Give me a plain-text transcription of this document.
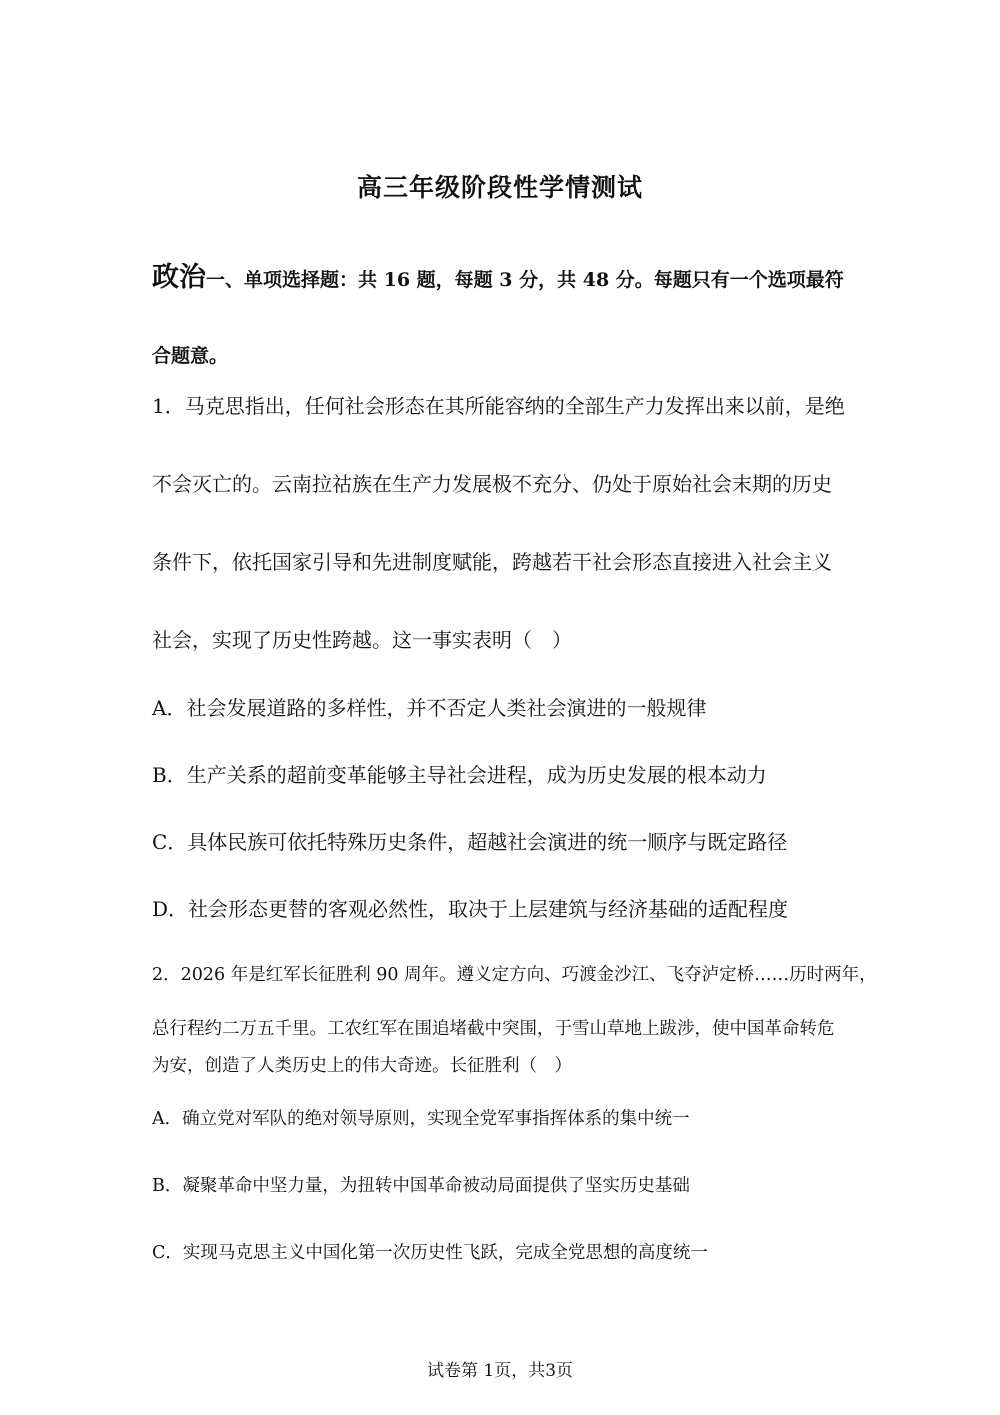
高三年级阶段性学情测试
政治一、单项选择题：共 16 题，每题 3 分，共 48 分。每题只有一个选项最符
合题意。
1．马克思指出，任何社会形态在其所能容纳的全部生产力发挥出来以前，是绝
不会灭亡的。云南拉祜族在生产力发展极不充分、仍处于原始社会末期的历史
条件下，依托国家引导和先进制度赋能，跨越若干社会形态直接进入社会主义
社会，实现了历史性跨越。这一事实表明（　）
A．社会发展道路的多样性，并不否定人类社会演进的一般规律
B．生产关系的超前变革能够主导社会进程，成为历史发展的根本动力
C．具体民族可依托特殊历史条件，超越社会演进的统一顺序与既定路径
D．社会形态更替的客观必然性，取决于上层建筑与经济基础的适配程度
2．2026 年是红军长征胜利 90 周年。遵义定方向、巧渡金沙江、飞夺泸定桥……历时两年，
总行程约二万五千里。工农红军在围追堵截中突围，于雪山草地上跋涉，使中国革命转危
为安，创造了人类历史上的伟大奇迹。长征胜利（　）
A．确立党对军队的绝对领导原则，实现全党军事指挥体系的集中统一
B．凝聚革命中坚力量，为扭转中国革命被动局面提供了坚实历史基础
C．实现马克思主义中国化第一次历史性飞跃，完成全党思想的高度统一
试卷第 1页，共3页
